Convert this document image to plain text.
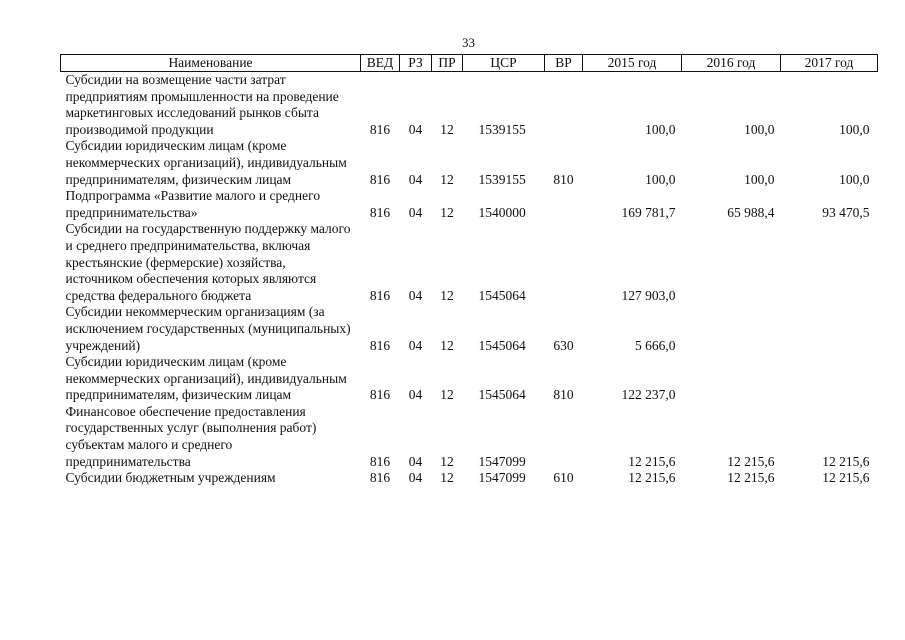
33
Наименование	ВЕД	РЗ	ПР	ЦСР	ВР	2015 год	2016 год	2017 год
Субсидии на возмещение части затрат предприятиям промышленности на проведение маркетинговых исследований рынков сбыта производимой продукции	816	04	12	1539155		100,0	100,0	100,0
Субсидии юридическим лицам (кроме некоммерческих организаций), индивидуальным предпринимателям, физическим лицам	816	04	12	1539155	810	100,0	100,0	100,0
Подпрограмма «Развитие малого и среднего предпринимательства»	816	04	12	1540000		169 781,7	65 988,4	93 470,5
Субсидии на государственную поддержку малого и среднего предпринимательства, включая крестьянские (фермерские) хозяйства, источником обеспечения которых являются средства федерального бюджета	816	04	12	1545064		127 903,0		
Субсидии некоммерческим организациям (за исключением государственных (муниципальных) учреждений)	816	04	12	1545064	630	5 666,0		
Субсидии юридическим лицам (кроме некоммерческих организаций), индивидуальным предпринимателям, физическим лицам	816	04	12	1545064	810	122 237,0		
Финансовое обеспечение предоставления государственных услуг (выполнения работ) субъектам малого и среднего предпринимательства	816	04	12	1547099		12 215,6	12 215,6	12 215,6
Субсидии бюджетным учреждениям	816	04	12	1547099	610	12 215,6	12 215,6	12 215,6
